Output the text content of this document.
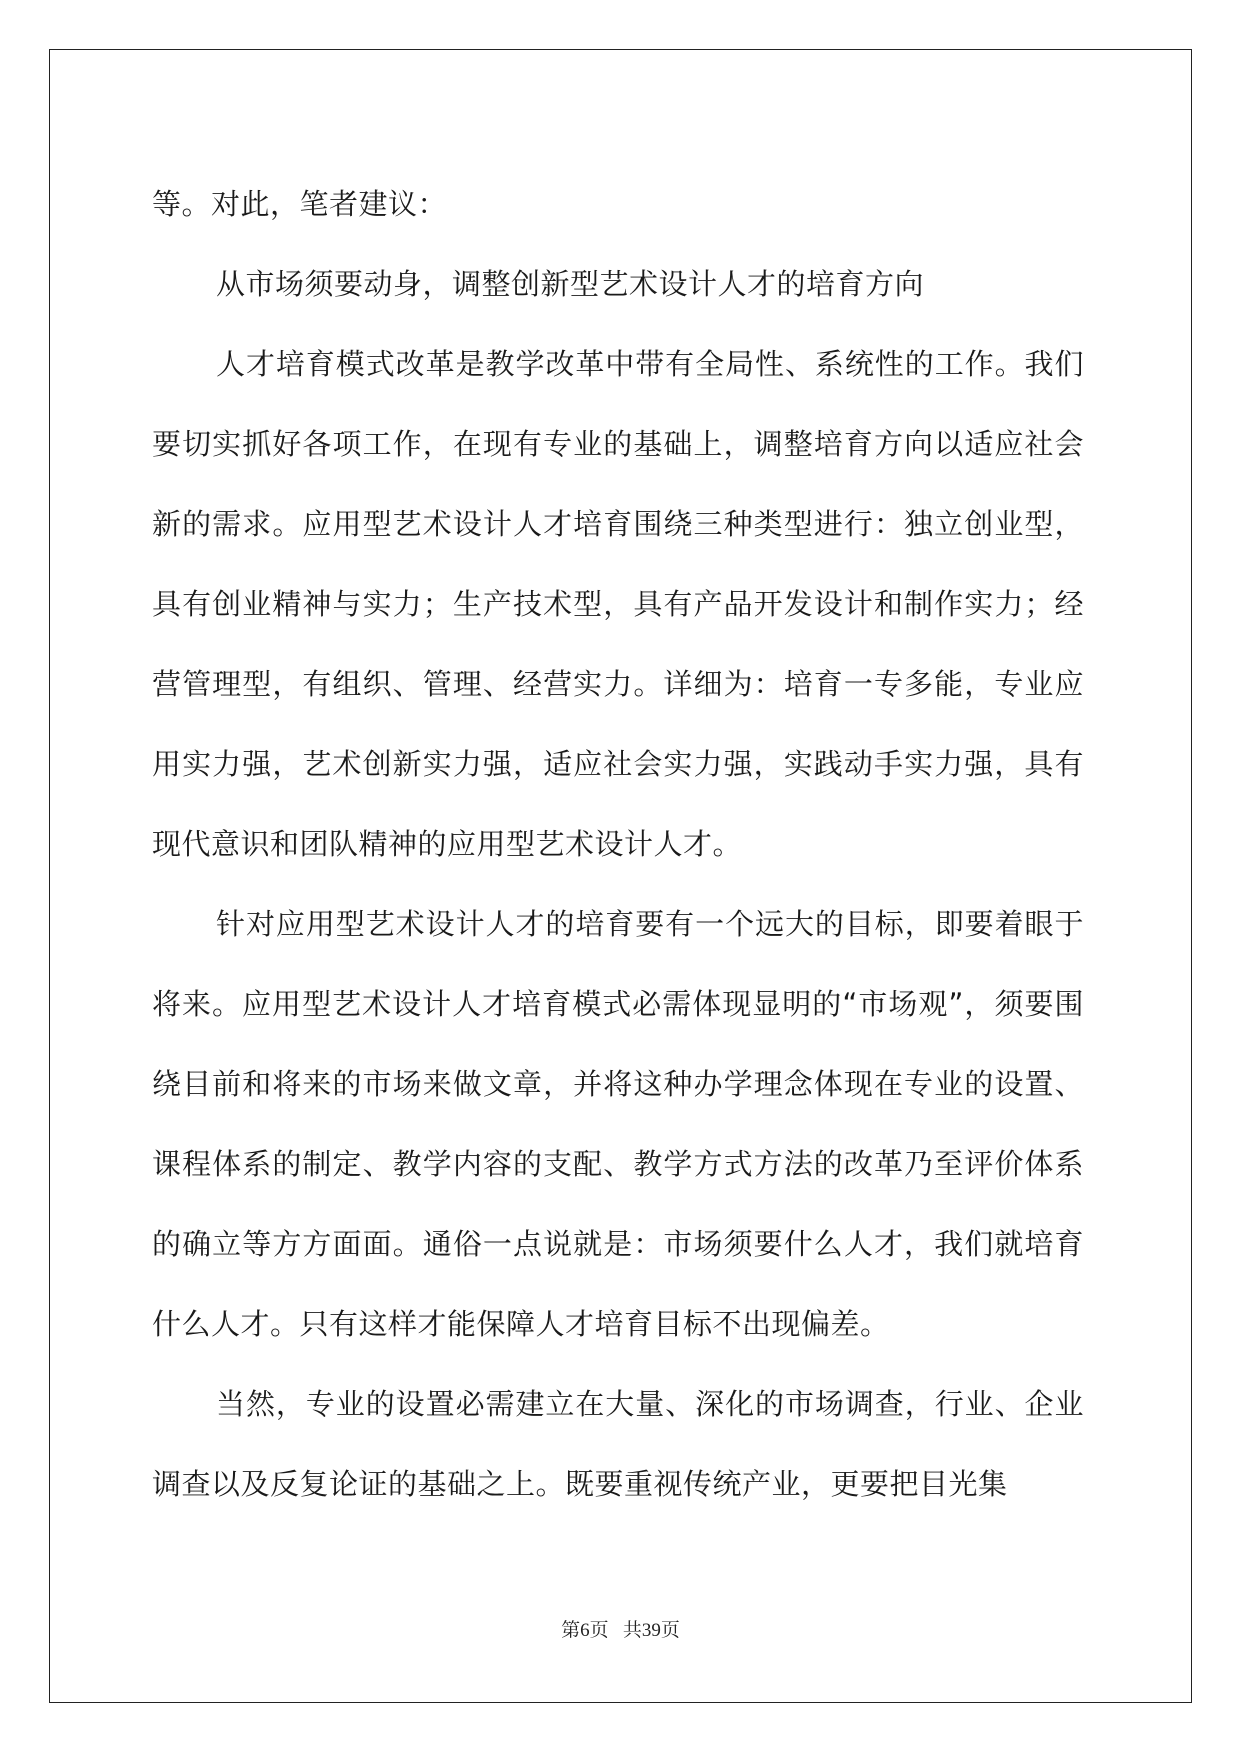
等。对此，笔者建议：

从市场须要动身，调整创新型艺术设计人才的培育方向

人才培育模式改革是教学改革中带有全局性、系统性的工作。我们要切实抓好各项工作，在现有专业的基础上，调整培育方向以适应社会新的需求。应用型艺术设计人才培育围绕三种类型进行：独立创业型，具有创业精神与实力；生产技术型，具有产品开发设计和制作实力；经营管理型，有组织、管理、经营实力。详细为：培育一专多能，专业应用实力强，艺术创新实力强，适应社会实力强，实践动手实力强，具有现代意识和团队精神的应用型艺术设计人才。

针对应用型艺术设计人才的培育要有一个远大的目标，即要着眼于将来。应用型艺术设计人才培育模式必需体现显明的“市场观”，须要围绕目前和将来的市场来做文章，并将这种办学理念体现在专业的设置、课程体系的制定、教学内容的支配、教学方式方法的改革乃至评价体系的确立等方方面面。通俗一点说就是：市场须要什么人才，我们就培育什么人才。只有这样才能保障人才培育目标不出现偏差。

当然，专业的设置必需建立在大量、深化的市场调查，行业、企业调查以及反复论证的基础之上。既要重视传统产业，更要把目光集

第6页 共39页
